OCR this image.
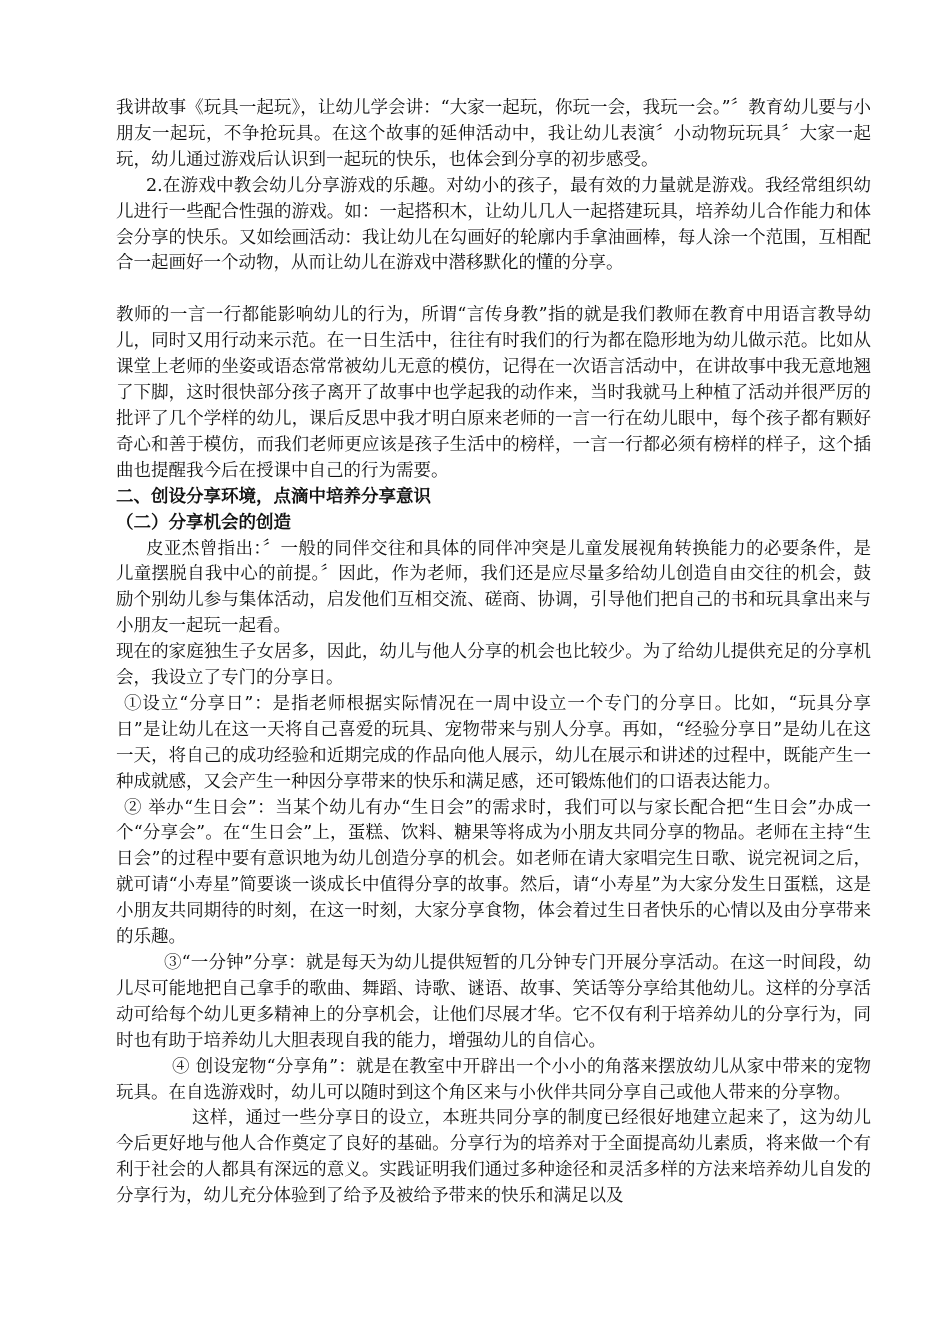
我讲故事《玩具一起玩》，让幼儿学会讲：“大家一起玩，你玩一会，我玩一会。”〞教育幼儿要与小朋友一起玩，不争抢玩具。在这个故事的延伸活动中，我让幼儿表演〞小动物玩玩具〞大家一起玩，幼儿通过游戏后认识到一起玩的快乐，也体会到分享的初步感受。

2.在游戏中教会幼儿分享游戏的乐趣。对幼小的孩子，最有效的力量就是游戏。我经常组织幼儿进行一些配合性强的游戏。如：一起搭积木，让幼儿几人一起搭建玩具，培养幼儿合作能力和体会分享的快乐。又如绘画活动：我让幼儿在勾画好的轮廓内手拿油画棒，每人涂一个范围，互相配合一起画好一个动物，从而让幼儿在游戏中潜移默化的懂的分享。

教师的一言一行都能影响幼儿的行为，所谓“言传身教”指的就是我们教师在教育中用语言教导幼儿，同时又用行动来示范。在一日生活中，往往有时我们的行为都在隐形地为幼儿做示范。比如从课堂上老师的坐姿或语态常常被幼儿无意的模仿，记得在一次语言活动中，在讲故事中我无意地翘了下脚，这时很快部分孩子离开了故事中也学起我的动作来，当时我就马上种植了活动并很严厉的批评了几个学样的幼儿，课后反思中我才明白原来老师的一言一行在幼儿眼中，每个孩子都有颗好奇心和善于模仿，而我们老师更应该是孩子生活中的榜样，一言一行都必须有榜样的样子，这个插曲也提醒我今后在授课中自己的行为需要。

二、创设分享环境，点滴中培养分享意识

（二）分享机会的创造

皮亚杰曾指出：〞一般的同伴交往和具体的同伴冲突是儿童发展视角转换能力的必要条件，是儿童摆脱自我中心的前提。〞因此，作为老师，我们还是应尽量多给幼儿创造自由交往的机会，鼓励个别幼儿参与集体活动，启发他们互相交流、磋商、协调，引导他们把自己的书和玩具拿出来与小朋友一起玩一起看。

现在的家庭独生子女居多，因此，幼儿与他人分享的机会也比较少。为了给幼儿提供充足的分享机会，我设立了专门的分享日。

①设立“分享日”：是指老师根据实际情况在一周中设立一个专门的分享日。比如，“玩具分享日”是让幼儿在这一天将自己喜爱的玩具、宠物带来与别人分享。再如，“经验分享日”是幼儿在这一天，将自己的成功经验和近期完成的作品向他人展示，幼儿在展示和讲述的过程中，既能产生一种成就感，又会产生一种因分享带来的快乐和满足感，还可锻炼他们的口语表达能力。

② 举办“生日会”：当某个幼儿有办“生日会”的需求时，我们可以与家长配合把“生日会”办成一个“分享会”。在“生日会”上，蛋糕、饮料、糖果等将成为小朋友共同分享的物品。老师在主持“生日会”的过程中要有意识地为幼儿创造分享的机会。如老师在请大家唱完生日歌、说完祝词之后，就可请“小寿星”简要谈一谈成长中值得分享的故事。然后，请“小寿星”为大家分发生日蛋糕，这是小朋友共同期待的时刻，在这一时刻，大家分享食物，体会着过生日者快乐的心情以及由分享带来的乐趣。

③“一分钟”分享：就是每天为幼儿提供短暂的几分钟专门开展分享活动。在这一时间段，幼儿尽可能地把自己拿手的歌曲、舞蹈、诗歌、谜语、故事、笑话等分享给其他幼儿。这样的分享活动可给每个幼儿更多精神上的分享机会，让他们尽展才华。它不仅有利于培养幼儿的分享行为，同时也有助于培养幼儿大胆表现自我的能力，增强幼儿的自信心。

④ 创设宠物“分享角”：就是在教室中开辟出一个小小的角落来摆放幼儿从家中带来的宠物玩具。在自选游戏时，幼儿可以随时到这个角区来与小伙伴共同分享自己或他人带来的分享物。

这样，通过一些分享日的设立，本班共同分享的制度已经很好地建立起来了，这为幼儿今后更好地与他人合作奠定了良好的基础。分享行为的培养对于全面提高幼儿素质，将来做一个有利于社会的人都具有深远的意义。实践证明我们通过多种途径和灵活多样的方法来培养幼儿自发的分享行为，幼儿充分体验到了给予及被给予带来的快乐和满足以及
